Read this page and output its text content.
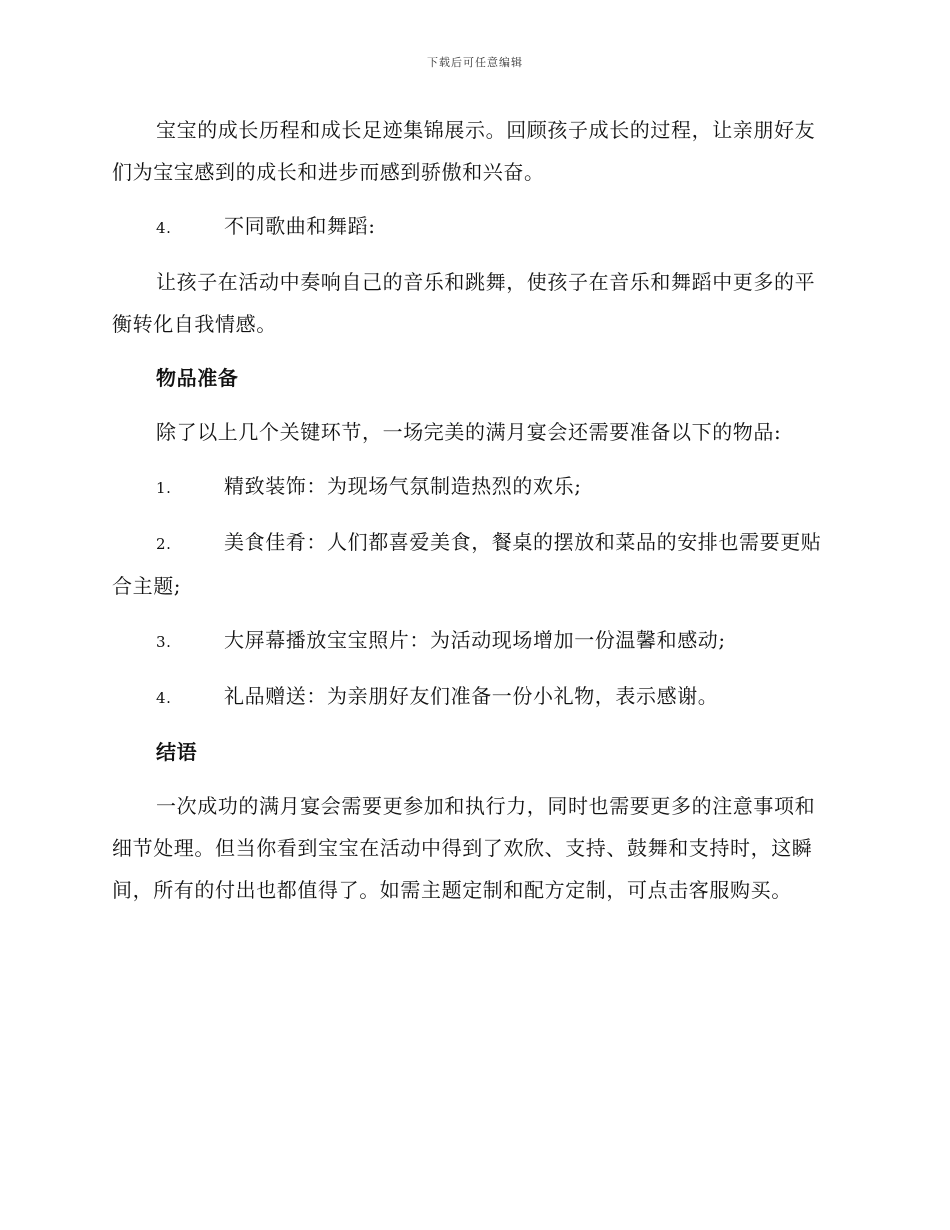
下载后可任意编辑

宝宝的成长历程和成长足迹集锦展示。回顾孩子成长的过程，让亲朋好友们为宝宝感到的成长和进步而感到骄傲和兴奋。

4.	不同歌曲和舞蹈:

让孩子在活动中奏响自己的音乐和跳舞，使孩子在音乐和舞蹈中更多的平衡转化自我情感。

物品准备

除了以上几个关键环节，一场完美的满月宴会还需要准备以下的物品:

1.	精致装饰：为现场气氛制造热烈的欢乐;
2.	美食佳肴：人们都喜爱美食，餐桌的摆放和菜品的安排也需要更贴合主题;
3.	大屏幕播放宝宝照片：为活动现场增加一份温馨和感动;
4.	礼品赠送：为亲朋好友们准备一份小礼物，表示感谢。
结语

一次成功的满月宴会需要更参加和执行力，同时也需要更多的注意事项和细节处理。但当你看到宝宝在活动中得到了欢欣、支持、鼓舞和支持时，这瞬间，所有的付出也都值得了。如需主题定制和配方定制，可点击客服购买。
